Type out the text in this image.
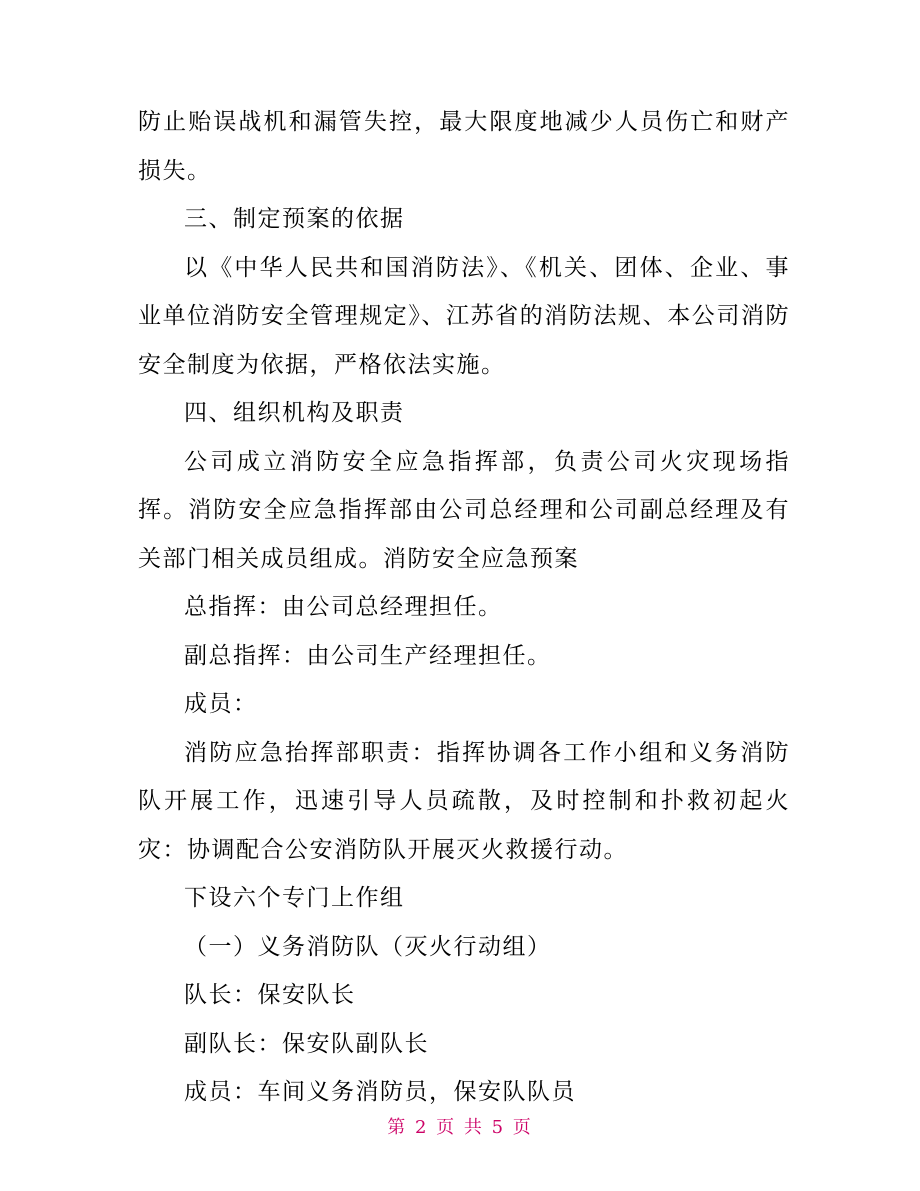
防止贻误战机和漏管失控，最大限度地减少人员伤亡和财产损失。

三、制定预案的依据

以《中华人民共和国消防法》、《机关、团体、企业、事业单位消防安全管理规定》、江苏省的消防法规、本公司消防安全制度为依据，严格依法实施。

四、组织机构及职责

公司成立消防安全应急指挥部，负责公司火灾现场指挥。消防安全应急指挥部由公司总经理和公司副总经理及有关部门相关成员组成。消防安全应急预案

总指挥：由公司总经理担任。

副总指挥：由公司生产经理担任。

成员：

消防应急抬挥部职责：指挥协调各工作小组和义务消防队开展工作，迅速引导人员疏散，及时控制和扑救初起火灾：协调配合公安消防队开展灭火救援行动。

下设六个专门上作组

（一）义务消防队（灭火行动组）

队长：保安队长

副队长：保安队副队长

成员：车间义务消防员，保安队队员

第 2 页 共 5 页
